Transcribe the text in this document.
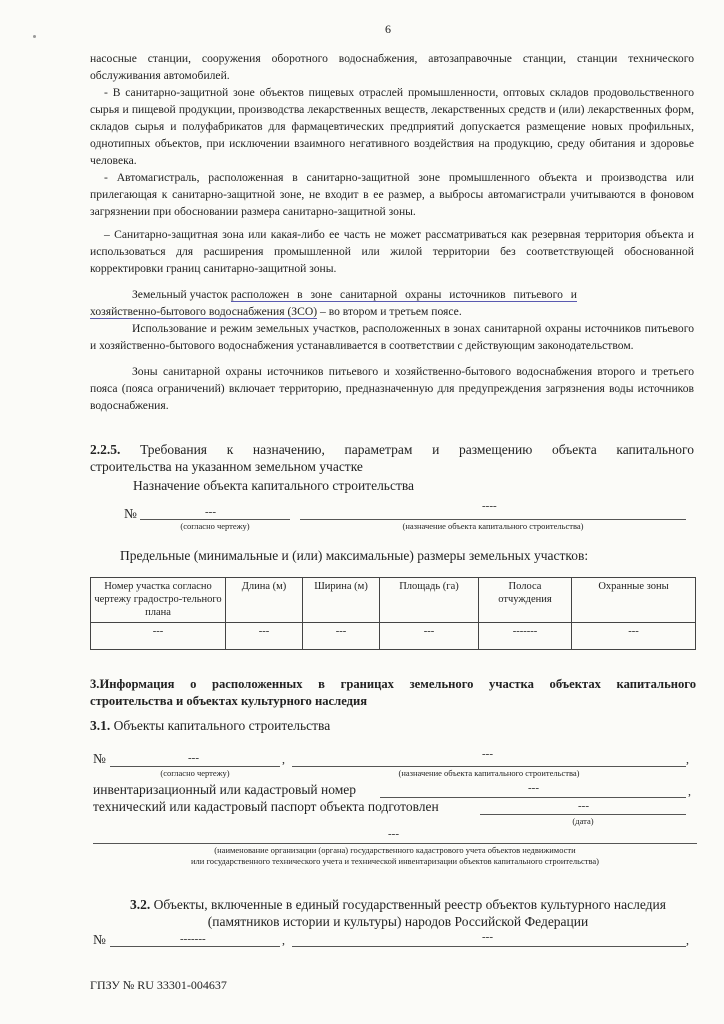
6
насосные станции, сооружения оборотного водоснабжения, автозаправочные станции, станции технического обслуживания автомобилей.
- В санитарно-защитной зоне объектов пищевых отраслей промышленности, оптовых складов продовольственного сырья и пищевой продукции, производства лекарственных веществ, лекарственных средств и (или) лекарственных форм, складов сырья и полуфабрикатов для фармацевтических предприятий допускается размещение новых профильных, однотипных объектов, при исключении взаимного негативного воздействия на продукцию, среду обитания и здоровье человека.
- Автомагистраль, расположенная в санитарно-защитной зоне промышленного объекта и производства или прилегающая к санитарно-защитной зоне, не входит в ее размер, а выбросы автомагистрали учитываются в фоновом загрязнении при обосновании размера санитарно-защитной зоны.
– Санитарно-защитная зона или какая-либо ее часть не может рассматриваться как резервная территория объекта и использоваться для расширения промышленной или жилой территории без соответствующей обоснованной корректировки границ санитарно-защитной зоны.
Земельный участок расположен в зоне санитарной охраны источников питьевого и
хозяйственно-бытового водоснабжения (ЗСО) – во втором и третьем поясе.
Использование и режим земельных участков, расположенных в зонах санитарной охраны источников питьевого и хозяйственно-бытового водоснабжения устанавливается в соответствии с действующим законодательством.
Зоны санитарной охраны источников питьевого и хозяйственно-бытового водоснабжения второго и третьего пояса (пояса ограничений) включает территорию, предназначенную для предупреждения загрязнения воды источников водоснабжения.
2.2.5. Требования к назначению, параметрам и размещению объекта капитального
строительства на указанном земельном участке
Назначение объекта капитального строительства
№	---
(согласно чертежу)
----
(назначение объекта капитального строительства)
Предельные (минимальные и (или) максимальные) размеры земельных участков:
Номер участка согласно чертежу градостро-тельного плана	Длина (м)	Ширина (м)	Площадь (га)	Полоса отчуждения	Охранные зоны
---	---	---	---	-------	---
3.Информация о расположенных в границах земельного участка объектах капитального
строительства и объектах культурного наследия
3.1. Объекты капитального строительства
№	---
(согласно чертежу)
,	---
(назначение объекта капитального строительства)
,
инвентаризационный или кадастровый номер	---	,
технический или кадастровый паспорт объекта подготовлен	---
(дата)
---
(наименование организации (органа) государственного кадастрового учета объектов недвижимости
или государственного технического учета и технической инвентаризации объектов капитального строительства)
3.2. Объекты, включенные в единый государственный реестр объектов культурного наследия
(памятников истории и культуры) народов Российской Федерации
№	-------	,	---	,
ГПЗУ № RU 33301-004637
